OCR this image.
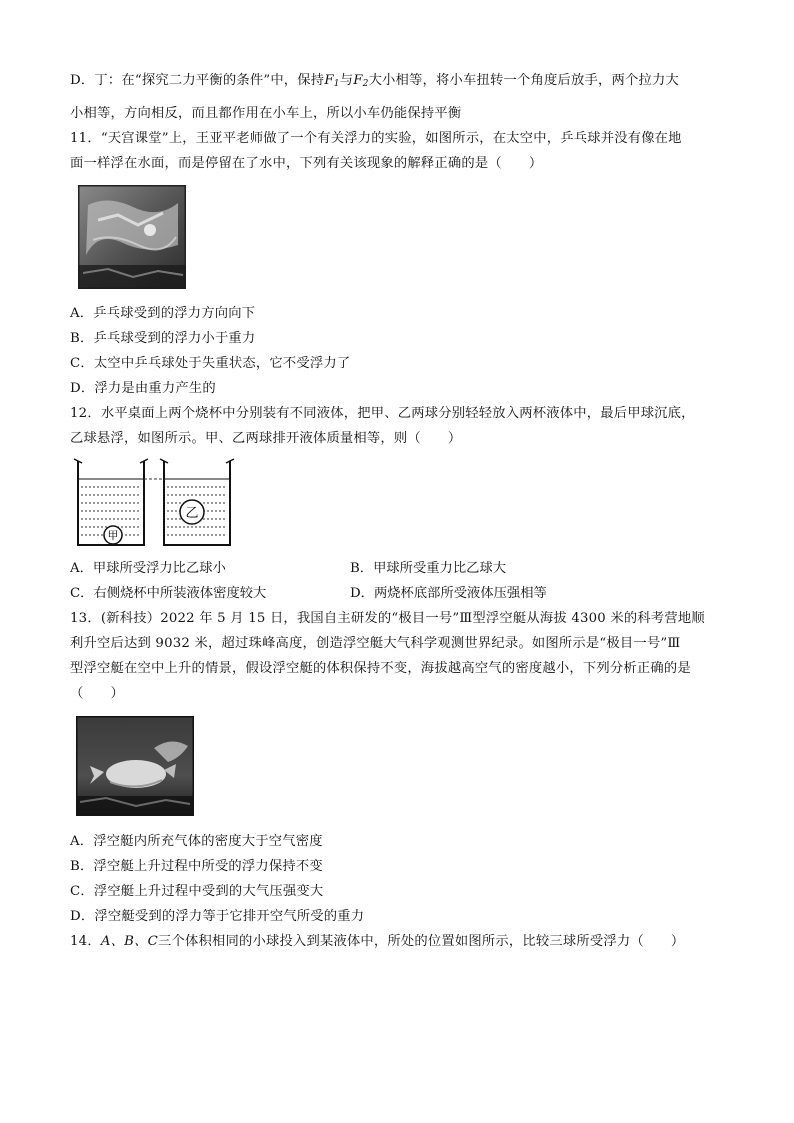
D．丁：在“探究二力平衡的条件”中，保持$F_1$与$F_2$大小相等，将小车扭转一个角度后放手，两个拉力大
小相等，方向相反，而且都作用在小车上，所以小车仍能保持平衡
11．“天宫课堂”上，王亚平老师做了一个有关浮力的实验，如图所示，在太空中，乒乓球并没有像在地
面一样浮在水面，而是停留在了水中，下列有关该现象的解释正确的是（　　）
A．乒乓球受到的浮力方向向下
B．乒乓球受到的浮力小于重力
C．太空中乒乓球处于失重状态，它不受浮力了
D．浮力是由重力产生的
12．水平桌面上两个烧杯中分别装有不同液体，把甲、乙两球分别轻轻放入两杯液体中，最后甲球沉底，
乙球悬浮，如图所示。甲、乙两球排开液体质量相等，则（　　）
甲
乙
A．甲球所受浮力比乙球小	B．甲球所受重力比乙球大
C．右侧烧杯中所装液体密度较大	D．两烧杯底部所受液体压强相等
13．(新科技）2022 年 5 月 15 日，我国自主研发的“极目一号”Ⅲ型浮空艇从海拔 4300 米的科考营地顺
利升空后达到 9032 米，超过珠峰高度，创造浮空艇大气科学观测世界纪录。如图所示是“极目一号”Ⅲ
型浮空艇在空中上升的情景，假设浮空艇的体积保持不变，海拔越高空气的密度越小，下列分析正确的是
（　　）
A．浮空艇内所充气体的密度大于空气密度
B．浮空艇上升过程中所受的浮力保持不变
C．浮空艇上升过程中受到的大气压强变大
D．浮空艇受到的浮力等于它排开空气所受的重力
14．A、B、C三个体积相同的小球投入到某液体中，所处的位置如图所示，比较三球所受浮力（　　）
